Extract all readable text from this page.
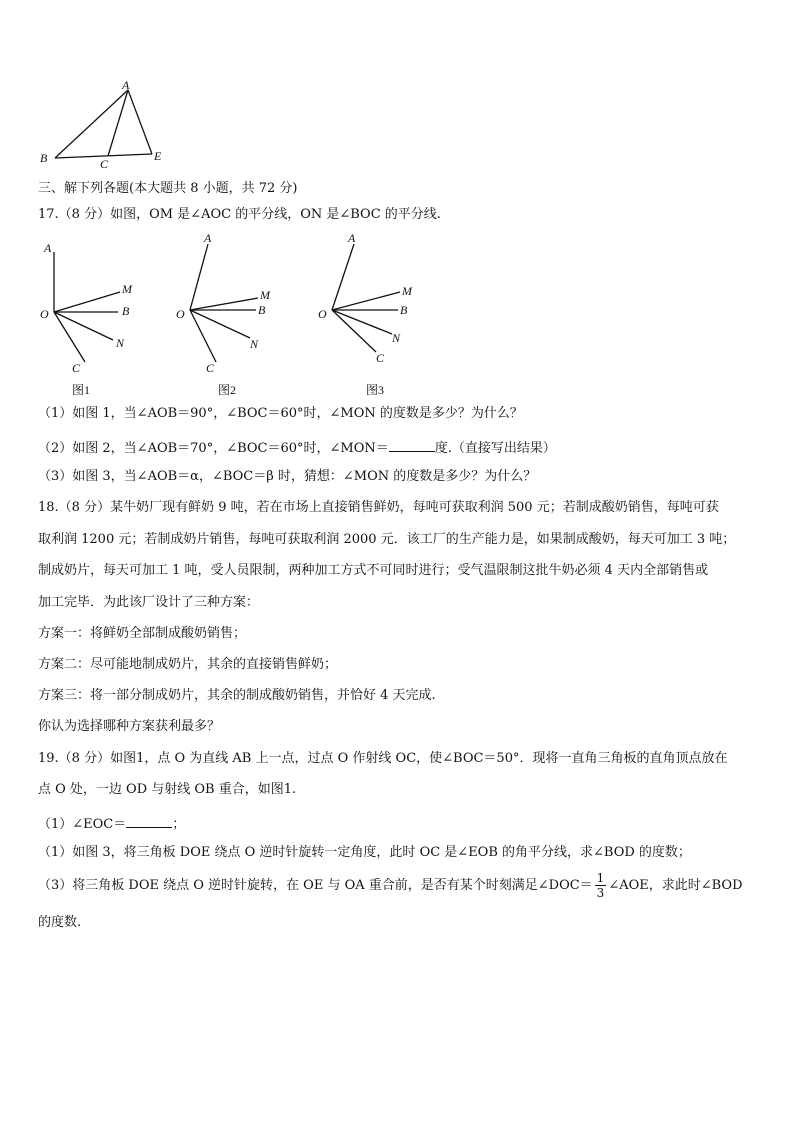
A
B	C
E
三、解下列各题(本大题共 8 小题，共 72 分)
17.（8 分）如图，OM 是∠AOC 的平分线，ON 是∠BOC 的平分线.
A
M
O	B
N
C
图1
A
M
O	B
N
C
图2
A
M
O	B
N
C
图3
（1）如图 1，当∠AOB＝90°，∠BOC＝60°时，∠MON 的度数是多少？为什么？
（2）如图 2，当∠AOB＝70°，∠BOC＝60°时，∠MON＝	度.（直接写出结果）
（3）如图 3，当∠AOB＝α，∠BOC＝β 时，猜想：∠MON 的度数是多少？为什么？
18.（8 分）某牛奶厂现有鲜奶 9 吨，若在市场上直接销售鲜奶，每吨可获取利润 500 元；若制成酸奶销售，每吨可获
取利润 1200 元；若制成奶片销售，每吨可获取利润 2000 元．该工厂的生产能力是，如果制成酸奶，每天可加工 3 吨；
制成奶片，每天可加工 1 吨，受人员限制，两种加工方式不可同时进行；受气温限制这批牛奶必须 4 天内全部销售或
加工完毕．为此该厂设计了三种方案：
方案一：将鲜奶全部制成酸奶销售；
方案二：尽可能地制成奶片，其余的直接销售鲜奶；
方案三：将一部分制成奶片，其余的制成酸奶销售，并恰好 4 天完成.
你认为选择哪种方案获利最多？
19.（8 分）如图1，点 O 为直线 AB 上一点，过点 O 作射线 OC，使∠BOC＝50°．现将一直角三角板的直角顶点放在
点 O 处，一边 OD 与射线 OB 重合，如图1.
（1）∠EOC＝	；
（1）如图 3，将三角板 DOE 绕点 O 逆时针旋转一定角度，此时 OC 是∠EOB 的角平分线，求∠BOD 的度数；
（3）将三角板 DOE 绕点 O 逆时针旋转，在 OE 与 OA 重合前，是否有某个时刻满足∠DOC＝ $\frac{1}{3}$ ∠AOE，求此时∠BOD
的度数.
